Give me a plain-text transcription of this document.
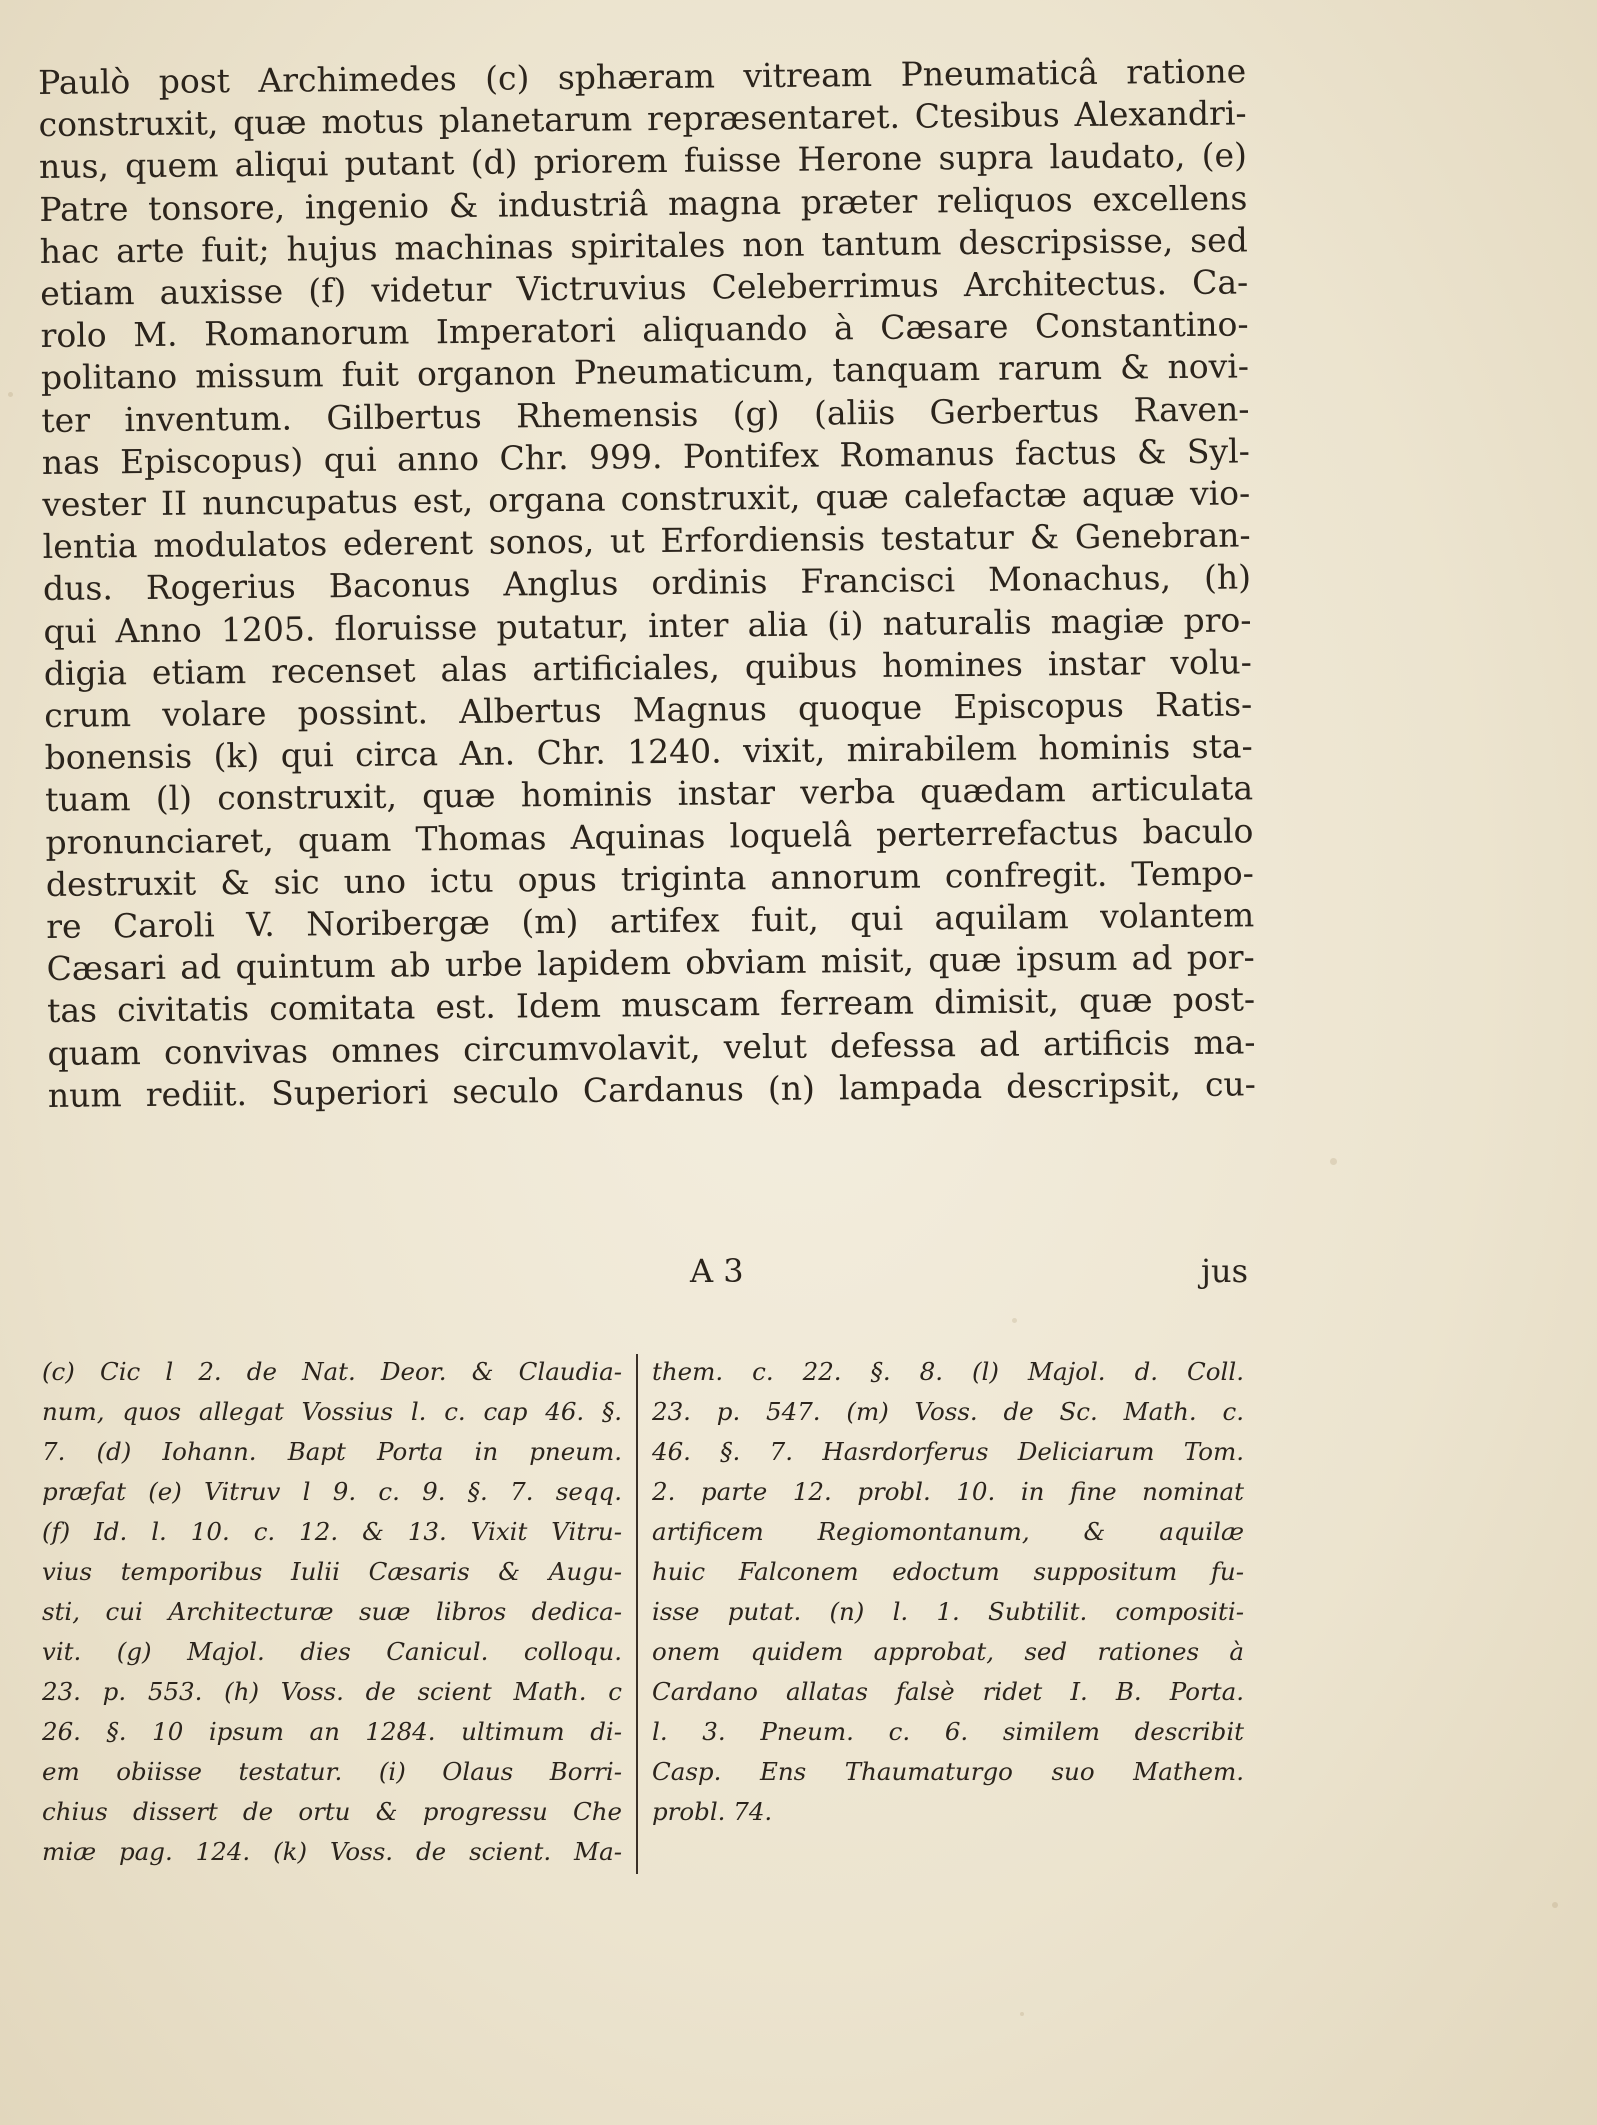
Paulò post Archimedes (c) sphæram vitream Pneumaticâ ratione
construxit, quæ motus planetarum repræsentaret. Ctesibus Alexandri-
nus, quem aliqui putant (d) priorem fuisse Herone supra laudato, (e)
Patre tonsore, ingenio & industriâ magna præter reliquos excellens
hac arte fuit; hujus machinas spiritales non tantum descripsisse, sed
etiam auxisse (f) videtur Victruvius Celeberrimus Architectus. Ca-
rolo M. Romanorum Imperatori aliquando à Cæsare Constantino-
politano missum fuit organon Pneumaticum, tanquam rarum & novi-
ter inventum. Gilbertus Rhemensis (g) (aliis Gerbertus Raven-
nas Episcopus) qui anno Chr. 999. Pontifex Romanus factus & Syl-
vester II nuncupatus est, organa construxit, quæ calefactæ aquæ vio-
lentia modulatos ederent sonos, ut Erfordiensis testatur & Genebran-
dus. Rogerius Baconus Anglus ordinis Francisci Monachus, (h)
qui Anno 1205. floruisse putatur, inter alia (i) naturalis magiæ pro-
digia etiam recenset alas artificiales, quibus homines instar volu-
crum volare possint. Albertus Magnus quoque Episcopus Ratis-
bonensis (k) qui circa An. Chr. 1240. vixit, mirabilem hominis sta-
tuam (l) construxit, quæ hominis instar verba quædam articulata
pronunciaret, quam Thomas Aquinas loquelâ perterrefactus baculo
destruxit & sic uno ictu opus triginta annorum confregit. Tempo-
re Caroli V. Noribergæ (m) artifex fuit, qui aquilam volantem
Cæsari ad quintum ab urbe lapidem obviam misit, quæ ipsum ad por-
tas civitatis comitata est. Idem muscam ferream dimisit, quæ post-
quam convivas omnes circumvolavit, velut defessa ad artificis ma-
num rediit. Superiori seculo Cardanus (n) lampada descripsit, cu-
A 3	jus
(c) Cic l 2. de Nat. Deor. & Claudia-
num, quos allegat Vossius l. c. cap 46. §.
7. (d) Iohann. Bapt Porta in pneum.
præfat (e) Vitruv l 9. c. 9. §. 7. seqq.
(f) Id. l. 10. c. 12. & 13. Vixit Vitru-
vius temporibus Iulii Cæsaris & Augu-
sti, cui Architecturæ suæ libros dedica-
vit. (g) Majol. dies Canicul. colloqu.
23. p. 553. (h) Voss. de scient Math. c
26. §. 10 ipsum an 1284. ultimum di-
em obiisse testatur. (i) Olaus Borri-
chius dissert de ortu & progressu Che
miæ pag. 124. (k) Voss. de scient. Ma-
them. c. 22. §. 8. (l) Majol. d. Coll.
23. p. 547. (m) Voss. de Sc. Math. c.
46. §. 7. Hasrdorferus Deliciarum Tom.
2. parte 12. probl. 10. in fine nominat
artificem Regiomontanum, & aquilæ
huic Falconem edoctum suppositum fu-
isse putat. (n) l. 1. Subtilit. compositi-
onem quidem approbat, sed rationes à
Cardano allatas falsè ridet I. B. Porta.
l. 3. Pneum. c. 6. similem describit
Casp. Ens Thaumaturgo suo Mathem.
probl. 74.
